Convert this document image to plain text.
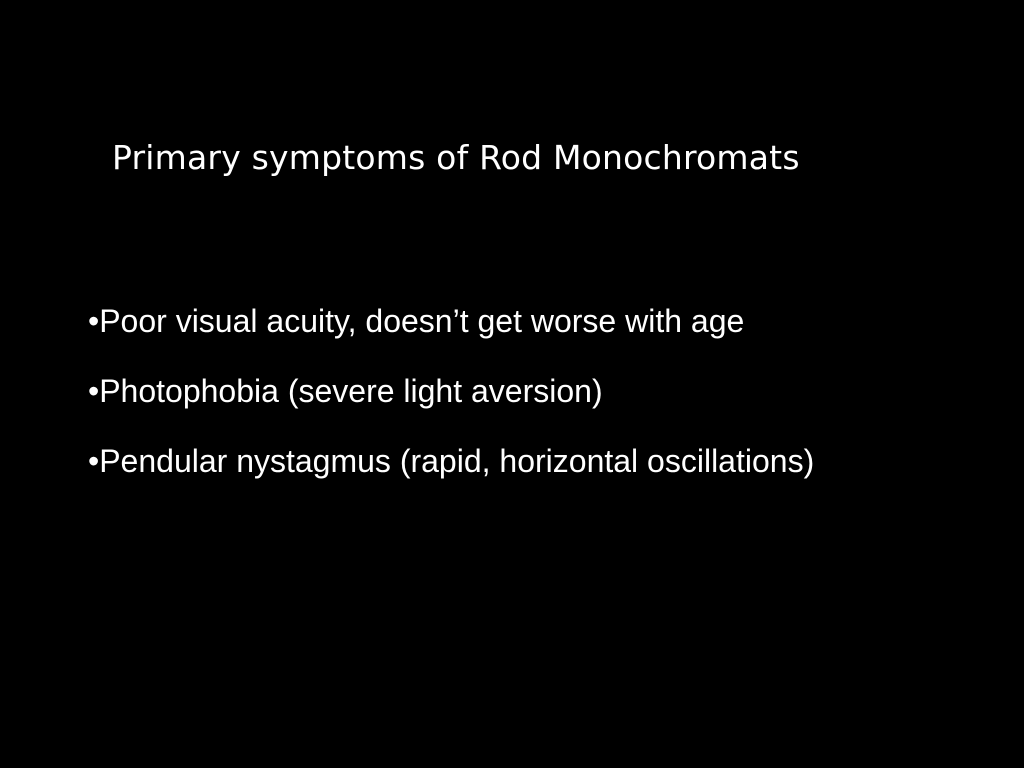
Primary symptoms of Rod Monochromats
•Poor visual acuity, doesn’t get worse with age
•Photophobia (severe light aversion)
•Pendular nystagmus (rapid, horizontal oscillations)
